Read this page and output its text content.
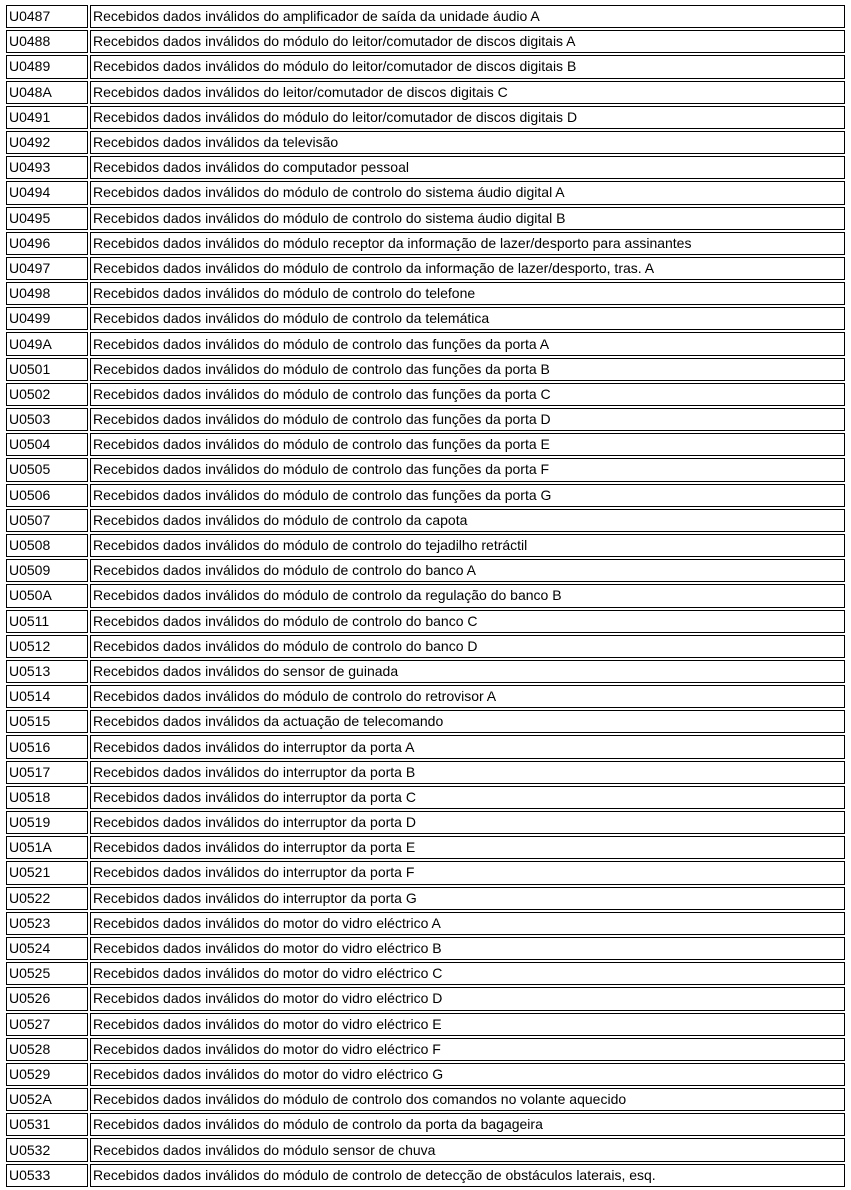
U0487	Recebidos dados inválidos do amplificador de saída da unidade áudio A
U0488	Recebidos dados inválidos do módulo do leitor/comutador de discos digitais A
U0489	Recebidos dados inválidos do módulo do leitor/comutador de discos digitais B
U048A	Recebidos dados inválidos do leitor/comutador de discos digitais C
U0491	Recebidos dados inválidos do módulo do leitor/comutador de discos digitais D
U0492	Recebidos dados inválidos da televisão
U0493	Recebidos dados inválidos do computador pessoal
U0494	Recebidos dados inválidos do módulo de controlo do sistema áudio digital A
U0495	Recebidos dados inválidos do módulo de controlo do sistema áudio digital B
U0496	Recebidos dados inválidos do módulo receptor da informação de lazer/desporto para assinantes
U0497	Recebidos dados inválidos do módulo de controlo da informação de lazer/desporto, tras. A
U0498	Recebidos dados inválidos do módulo de controlo do telefone
U0499	Recebidos dados inválidos do módulo de controlo da telemática
U049A	Recebidos dados inválidos do módulo de controlo das funções da porta A
U0501	Recebidos dados inválidos do módulo de controlo das funções da porta B
U0502	Recebidos dados inválidos do módulo de controlo das funções da porta C
U0503	Recebidos dados inválidos do módulo de controlo das funções da porta D
U0504	Recebidos dados inválidos do módulo de controlo das funções da porta E
U0505	Recebidos dados inválidos do módulo de controlo das funções da porta F
U0506	Recebidos dados inválidos do módulo de controlo das funções da porta G
U0507	Recebidos dados inválidos do módulo de controlo da capota
U0508	Recebidos dados inválidos do módulo de controlo do tejadilho retráctil
U0509	Recebidos dados inválidos do módulo de controlo do banco A
U050A	Recebidos dados inválidos do módulo de controlo da regulação do banco B
U0511	Recebidos dados inválidos do módulo de controlo do banco C
U0512	Recebidos dados inválidos do módulo de controlo do banco D
U0513	Recebidos dados inválidos do sensor de guinada
U0514	Recebidos dados inválidos do módulo de controlo do retrovisor A
U0515	Recebidos dados inválidos da actuação de telecomando
U0516	Recebidos dados inválidos do interruptor da porta A
U0517	Recebidos dados inválidos do interruptor da porta B
U0518	Recebidos dados inválidos do interruptor da porta C
U0519	Recebidos dados inválidos do interruptor da porta D
U051A	Recebidos dados inválidos do interruptor da porta E
U0521	Recebidos dados inválidos do interruptor da porta F
U0522	Recebidos dados inválidos do interruptor da porta G
U0523	Recebidos dados inválidos do motor do vidro eléctrico A
U0524	Recebidos dados inválidos do motor do vidro eléctrico B
U0525	Recebidos dados inválidos do motor do vidro eléctrico C
U0526	Recebidos dados inválidos do motor do vidro eléctrico D
U0527	Recebidos dados inválidos do motor do vidro eléctrico E
U0528	Recebidos dados inválidos do motor do vidro eléctrico F
U0529	Recebidos dados inválidos do motor do vidro eléctrico G
U052A	Recebidos dados inválidos do módulo de controlo dos comandos no volante aquecido
U0531	Recebidos dados inválidos do módulo de controlo da porta da bagageira
U0532	Recebidos dados inválidos do módulo sensor de chuva
U0533	Recebidos dados inválidos do módulo de controlo de detecção de obstáculos laterais, esq.
